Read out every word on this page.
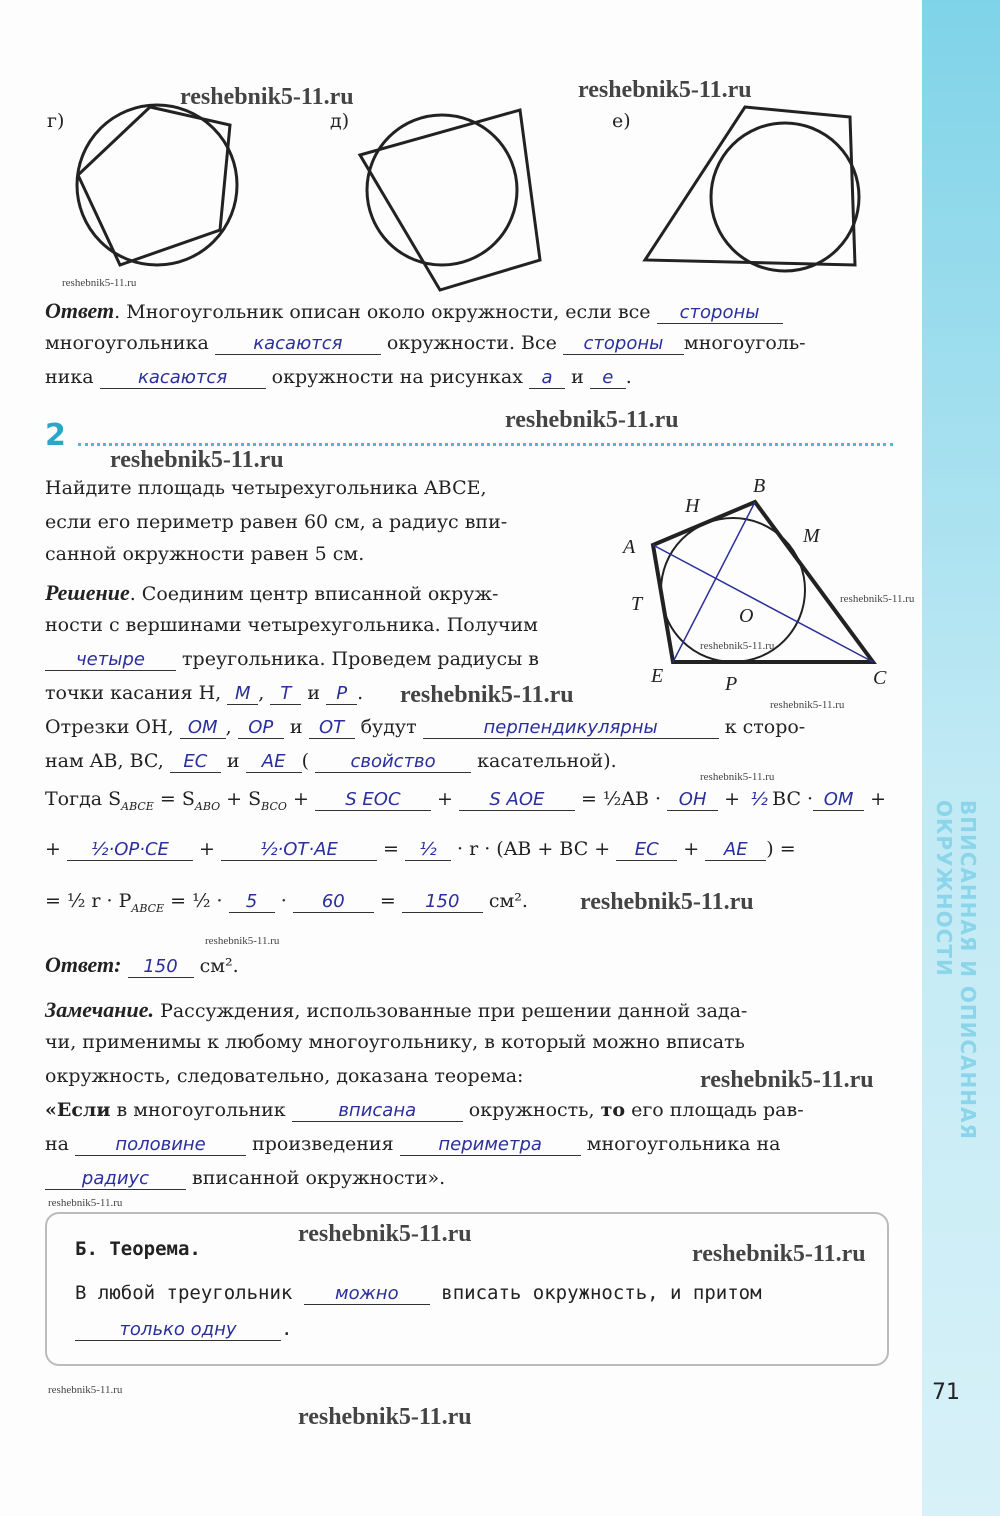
ВПИСАННАЯ И ОПИСАННАЯ ОКРУЖНОСТИ
г)	д)	е)
Ответ. Многоугольник описан около окружности, если все стороны
многоугольника касаются окружности. Все стороны многоуголь-
ника касаются окружности на рисунках а и е .
2
Найдите площадь четырехугольника ABCE,
если его периметр равен 60 см, а радиус впи-
санной окружности равен 5 см.	A
B
C
E
H
M
T
P
O
Решение. Соединим центр вписанной окруж-
ности с вершинами четырехугольника. Получим
четыре треугольника. Проведем радиусы в
точки касания H, M , T и P .
Отрезки OH, OM , OP и OT будут	перпендикулярны	к сторо-
нам AB, BC, EC и AE ( свойство касательной).
Тогда $S_{ABCE} = S_{ABO} + S_{BCO} + S$ EOC + S AOE = ½AB · OH + ½ BC · OM +
+ ½·OP·CE + ½·OT·AE = ½ · r · (AB + BC + EC + AE ) =
= ½ $r \cdot P_{ABCE}$ = ½ · 5 · 60 = 150 см².
Ответ: 150 см².
Замечание. Рассуждения, использованные при решении данной зада-
чи, применимы к любому многоугольнику, в который можно вписать
окружность, следовательно, доказана теорема:
«Если в многоугольник	вписана	окружность, то его площадь рав-
на	половине произведения периметра многоугольника на
радиус вписанной окружности».
Б. Теорема.
В любой треугольник можно вписать окружность, и притом
только одну .
71
reshebnik5-11.ru	reshebnik5-11.ru
reshebnik5-11.ru
reshebnik5-11.ru
reshebnik5-11.ru
reshebnik5-11.ru
reshebnik5-11.ru
reshebnik5-11.ru	reshebnik5-11.ru
reshebnik5-11.ru
reshebnik5-11.ru
reshebnik5-11.ru
reshebnik5-11.ru
reshebnik5-11.ru
reshebnik5-11.ru
reshebnik5-11.ru
reshebnik5-11.ru
reshebnik5-11.ru
